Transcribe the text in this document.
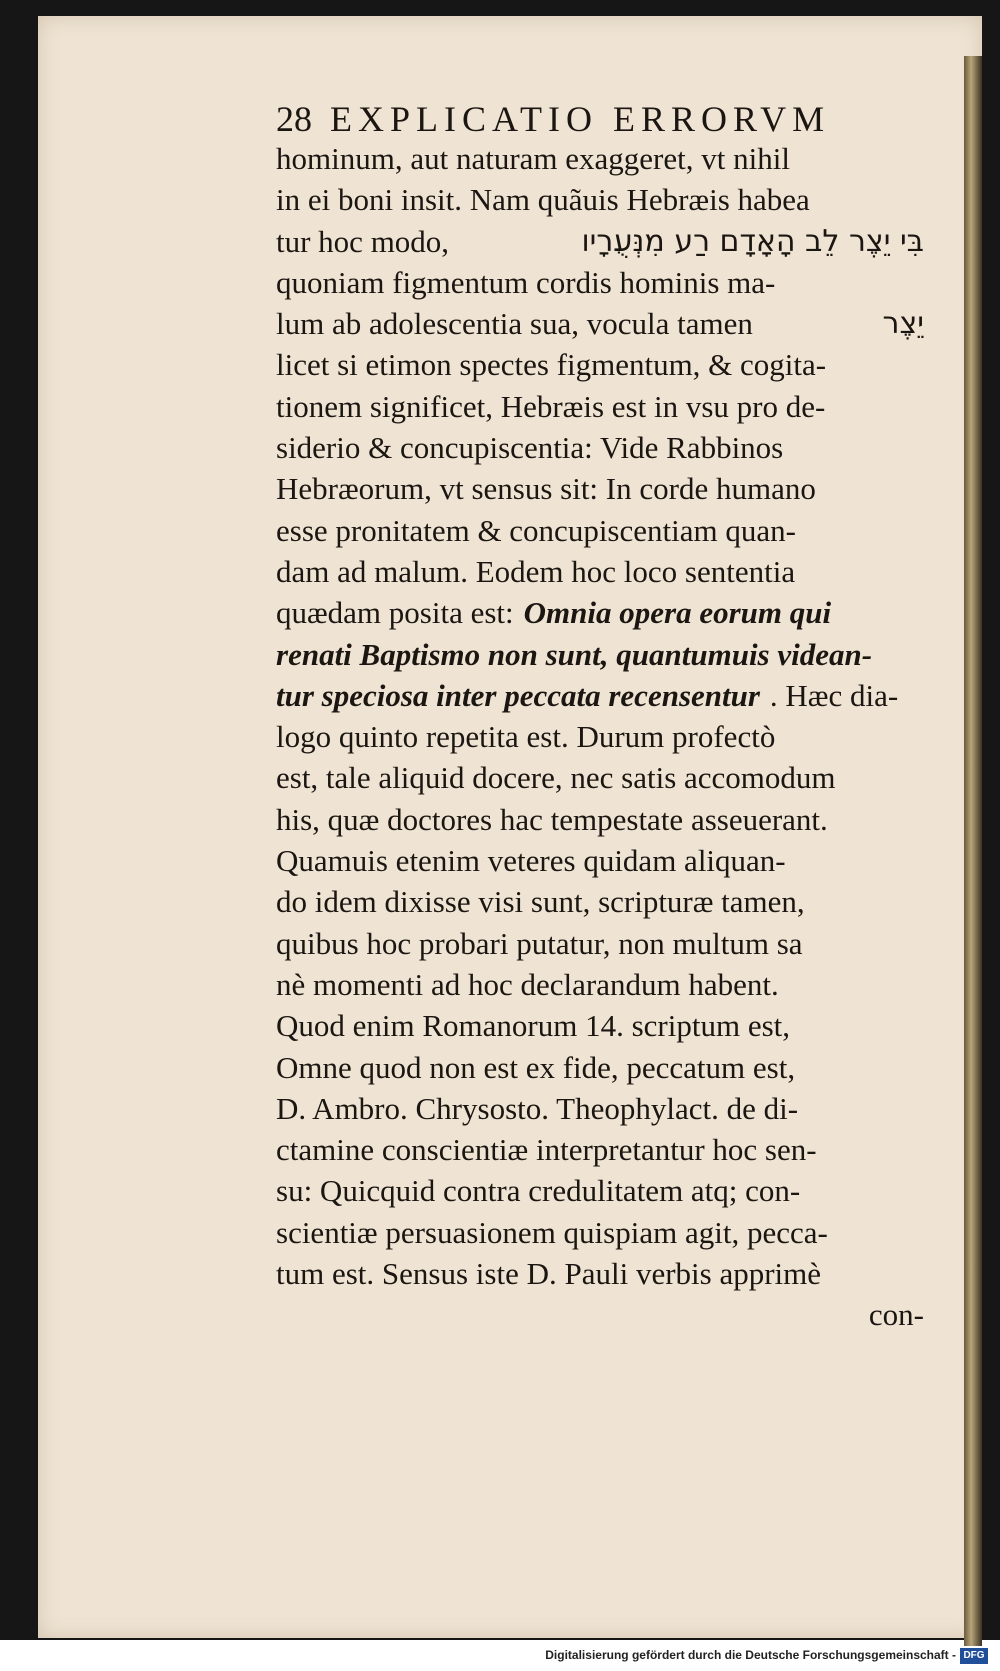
28 EXPLICATIO ERRORVM
hominum, aut naturam exaggeret, vt nihil
in ei boni insit. Nam quãuis Hebræis habea
tur hoc modo,	בִּי יֵצֶר לֵב הָאָדָם רַע מִנְּעֻרָיו
quoniam figmentum cordis hominis ma-
lum ab adolescentia sua, vocula tamen	יֵצֶר
licet si etimon spectes figmentum, & cogita-
tionem significet, Hebræis est in vsu pro de-
siderio & concupiscentia: Vide Rabbinos
Hebræorum, vt sensus sit: In corde humano
esse pronitatem & concupiscentiam quan-
dam ad malum. Eodem hoc loco sententia
quædam posita est: Omnia opera eorum qui
renati Baptismo non sunt, quantumuis videan-
tur speciosa inter peccata recensentur . Hæc dia-
logo quinto repetita est. Durum profectò
est, tale aliquid docere, nec satis accomodum
his, quæ doctores hac tempestate asseuerant.
Quamuis etenim veteres quidam aliquan-
do idem dixisse visi sunt, scripturæ tamen,
quibus hoc probari putatur, non multum sa
nè momenti ad hoc declarandum habent.
Quod enim Romanorum 14. scriptum est,
Omne quod non est ex fide, peccatum est,
D. Ambro. Chrysosto. Theophylact. de di-
ctamine conscientiæ interpretantur hoc sen-
su: Quicquid contra credulitatem atq; con-
scientiæ persuasionem quispiam agit, pecca-
tum est. Sensus iste D. Pauli verbis apprimè
con-
Digitalisierung gefördert durch die Deutsche Forschungsgemeinschaft - DFG
